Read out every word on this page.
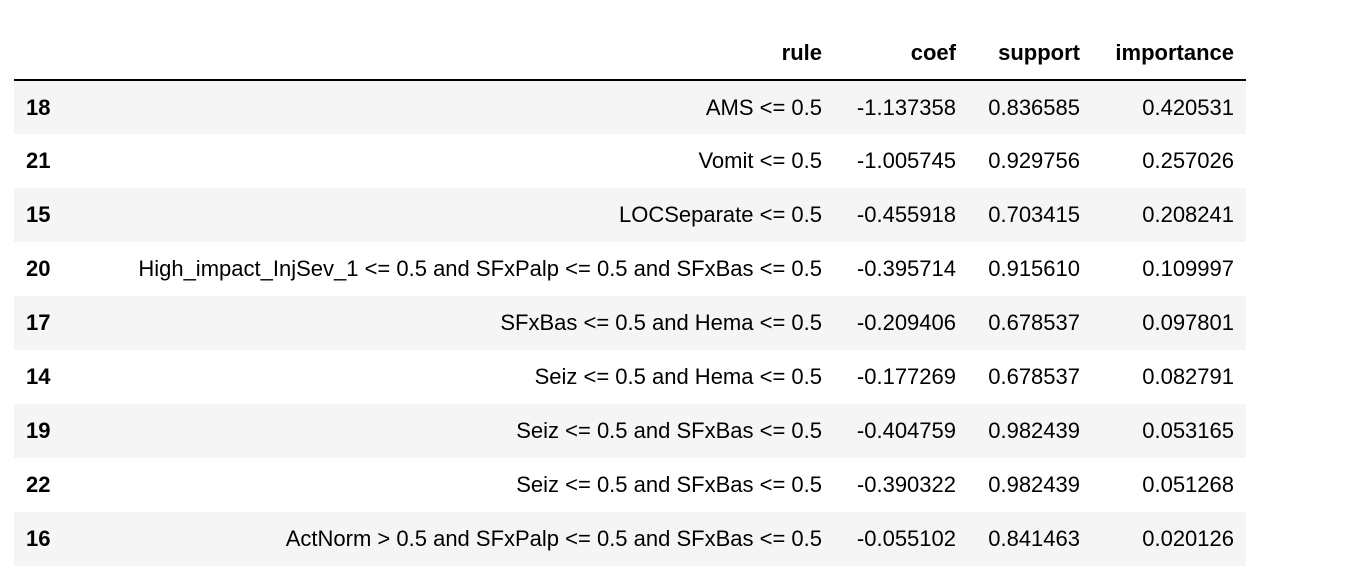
	rule	coef	support	importance
18	AMS <= 0.5	-1.137358	0.836585	0.420531
21	Vomit <= 0.5	-1.005745	0.929756	0.257026
15	LOCSeparate <= 0.5	-0.455918	0.703415	0.208241
20	High_impact_InjSev_1 <= 0.5 and SFxPalp <= 0.5 and SFxBas <= 0.5	-0.395714	0.915610	0.109997
17	SFxBas <= 0.5 and Hema <= 0.5	-0.209406	0.678537	0.097801
14	Seiz <= 0.5 and Hema <= 0.5	-0.177269	0.678537	0.082791
19	Seiz <= 0.5 and SFxBas <= 0.5	-0.404759	0.982439	0.053165
22	Seiz <= 0.5 and SFxBas <= 0.5	-0.390322	0.982439	0.051268
16	ActNorm > 0.5 and SFxPalp <= 0.5 and SFxBas <= 0.5	-0.055102	0.841463	0.020126
